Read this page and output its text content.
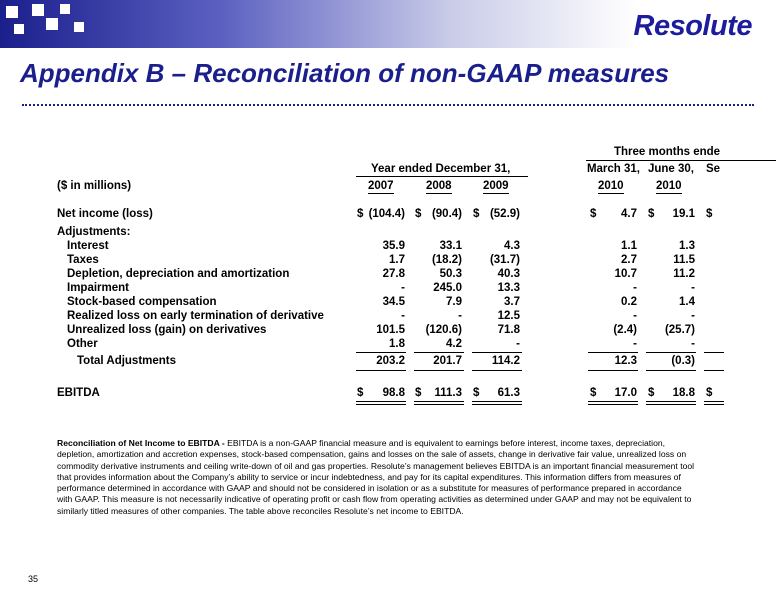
Resolute
Appendix B – Reconciliation of non-GAAP measures
Three months ende
Year ended December 31,	March 31, June 30, Se
($ in millions)	2007	2008	2009	2010	2010
Net income (loss)	(104.4)	(90.4)	(52.9)	4.7	19.1
$	$	$	$	$	$
Adjustments:
Interest	35.9	33.1	4.3	1.1	1.3
Taxes	1.7	(18.2)	(31.7)	2.7	11.5
Depletion, depreciation and amortization	27.8	50.3	40.3	10.7	11.2
Impairment	-	245.0	13.3	-	-
Stock-based compensation	34.5	7.9	3.7	0.2	1.4
Realized loss on early termination of derivative	-	-	12.5	-	-
Unrealized loss (gain) on derivatives	101.5	(120.6)	71.8	(2.4)	(25.7)
Other	1.8	4.2	-	-	-
Total Adjustments	203.2	201.7	114.2	12.3	(0.3)
EBITDA	98.8	111.3	61.3	17.0	18.8
$	$	$	$	$	$
Reconciliation of Net Income to EBITDA - EBITDA is a non-GAAP financial measure and is equivalent to earnings before interest, income taxes, depreciation, depletion, amortization and accretion expenses, stock-based compensation, gains and losses on the sale of assets, change in derivative fair value, unrealized loss on commodity derivative instruments and ceiling write-down of oil and gas properties. Resolute’s management believes EBITDA is an important financial measurement tool that provides information about the Company’s ability to service or incur indebtedness, and pay for its capital expenditures. This information differs from measures of performance determined in accordance with GAAP and should not be considered in isolation or as a substitute for measures of performance prepared in accordance with GAAP. This measure is not necessarily indicative of operating profit or cash flow from operating activities as determined under GAAP and may not be equivalent to similarly titled measures of other companies. The table above reconciles Resolute’s net income to EBITDA.
35
